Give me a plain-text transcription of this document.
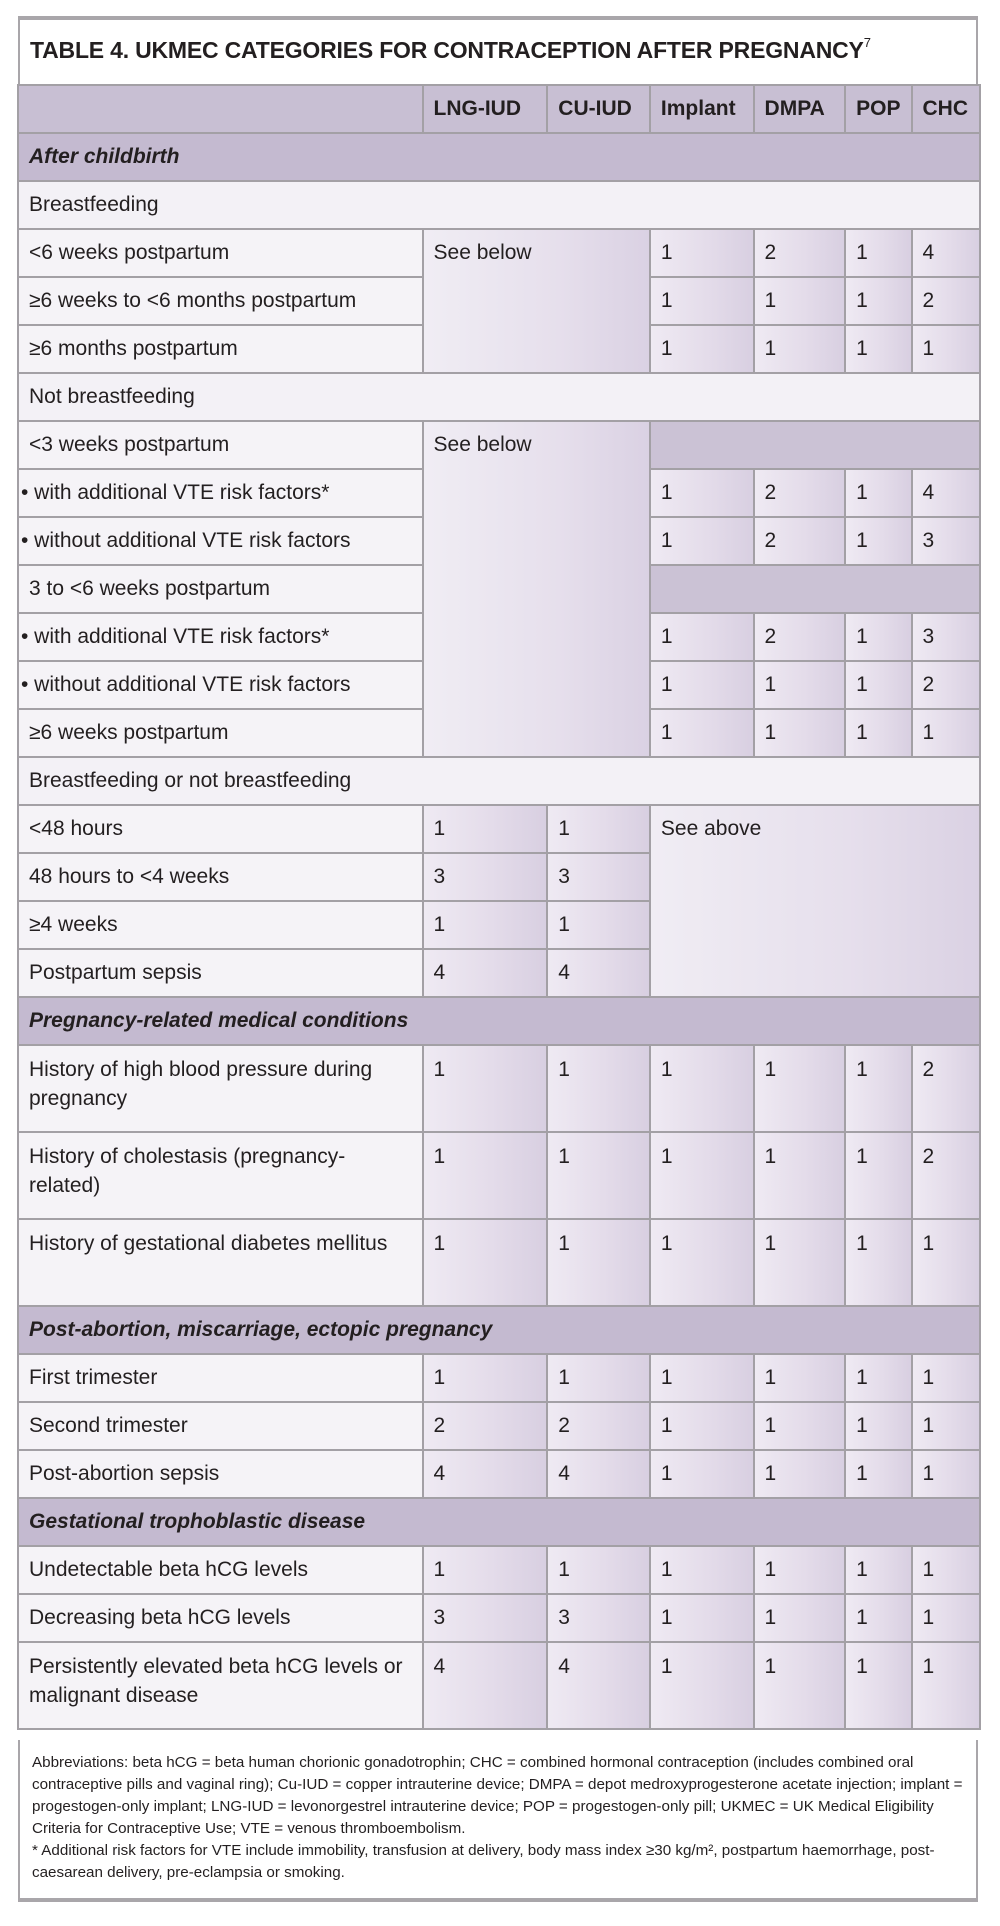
TABLE 4. UKMEC CATEGORIES FOR CONTRACEPTION AFTER PREGNANCY$^7$
	LNG-IUD	CU-IUD	Implant	DMPA	POP	CHC
After childbirth						
Breastfeeding						
<6 weeks postpartum	See below		1	2	1	4
≥6 weeks to <6 months postpartum			1	1	1	2
≥6 months postpartum			1	1	1	1
Not breastfeeding						
<3 weeks postpartum	See below					
• with additional VTE risk factors*			1	2	1	4
• without additional VTE risk factors			1	2	1	3
3 to <6 weeks postpartum						
• with additional VTE risk factors*			1	2	1	3
• without additional VTE risk factors			1	1	1	2
≥6 weeks postpartum			1	1	1	1
Breastfeeding or not breastfeeding						
<48 hours	1	1	See above			
48 hours to <4 weeks	3	3				
≥4 weeks	1	1				
Postpartum sepsis	4	4				
Pregnancy-related medical conditions						
History of high blood pressure during pregnancy	1	1	1	1	1	2
History of cholestasis (pregnancy-related)	1	1	1	1	1	2
History of gestational diabetes mellitus	1	1	1	1	1	1
Post-abortion, miscarriage, ectopic pregnancy						
First trimester	1	1	1	1	1	1
Second trimester	2	2	1	1	1	1
Post-abortion sepsis	4	4	1	1	1	1
Gestational trophoblastic disease						
Undetectable beta hCG levels	1	1	1	1	1	1
Decreasing beta hCG levels	3	3	1	1	1	1
Persistently elevated beta hCG levels or malignant disease	4	4	1	1	1	1

Abbreviations: beta hCG = beta human chorionic gonadotrophin; CHC = combined hormonal contraception (includes combined oral contraceptive pills and vaginal ring); Cu-IUD = copper intrauterine device; DMPA = depot medroxyprogesterone acetate injection; implant = progestogen-only implant; LNG-IUD = levonorgestrel intrauterine device; POP = progestogen-only pill; UKMEC = UK Medical Eligibility Criteria for Contraceptive Use; VTE = venous thromboembolism.

* Additional risk factors for VTE include immobility, transfusion at delivery, body mass index ≥30 kg/m², postpartum haemorrhage, post-caesarean delivery, pre-eclampsia or smoking.
